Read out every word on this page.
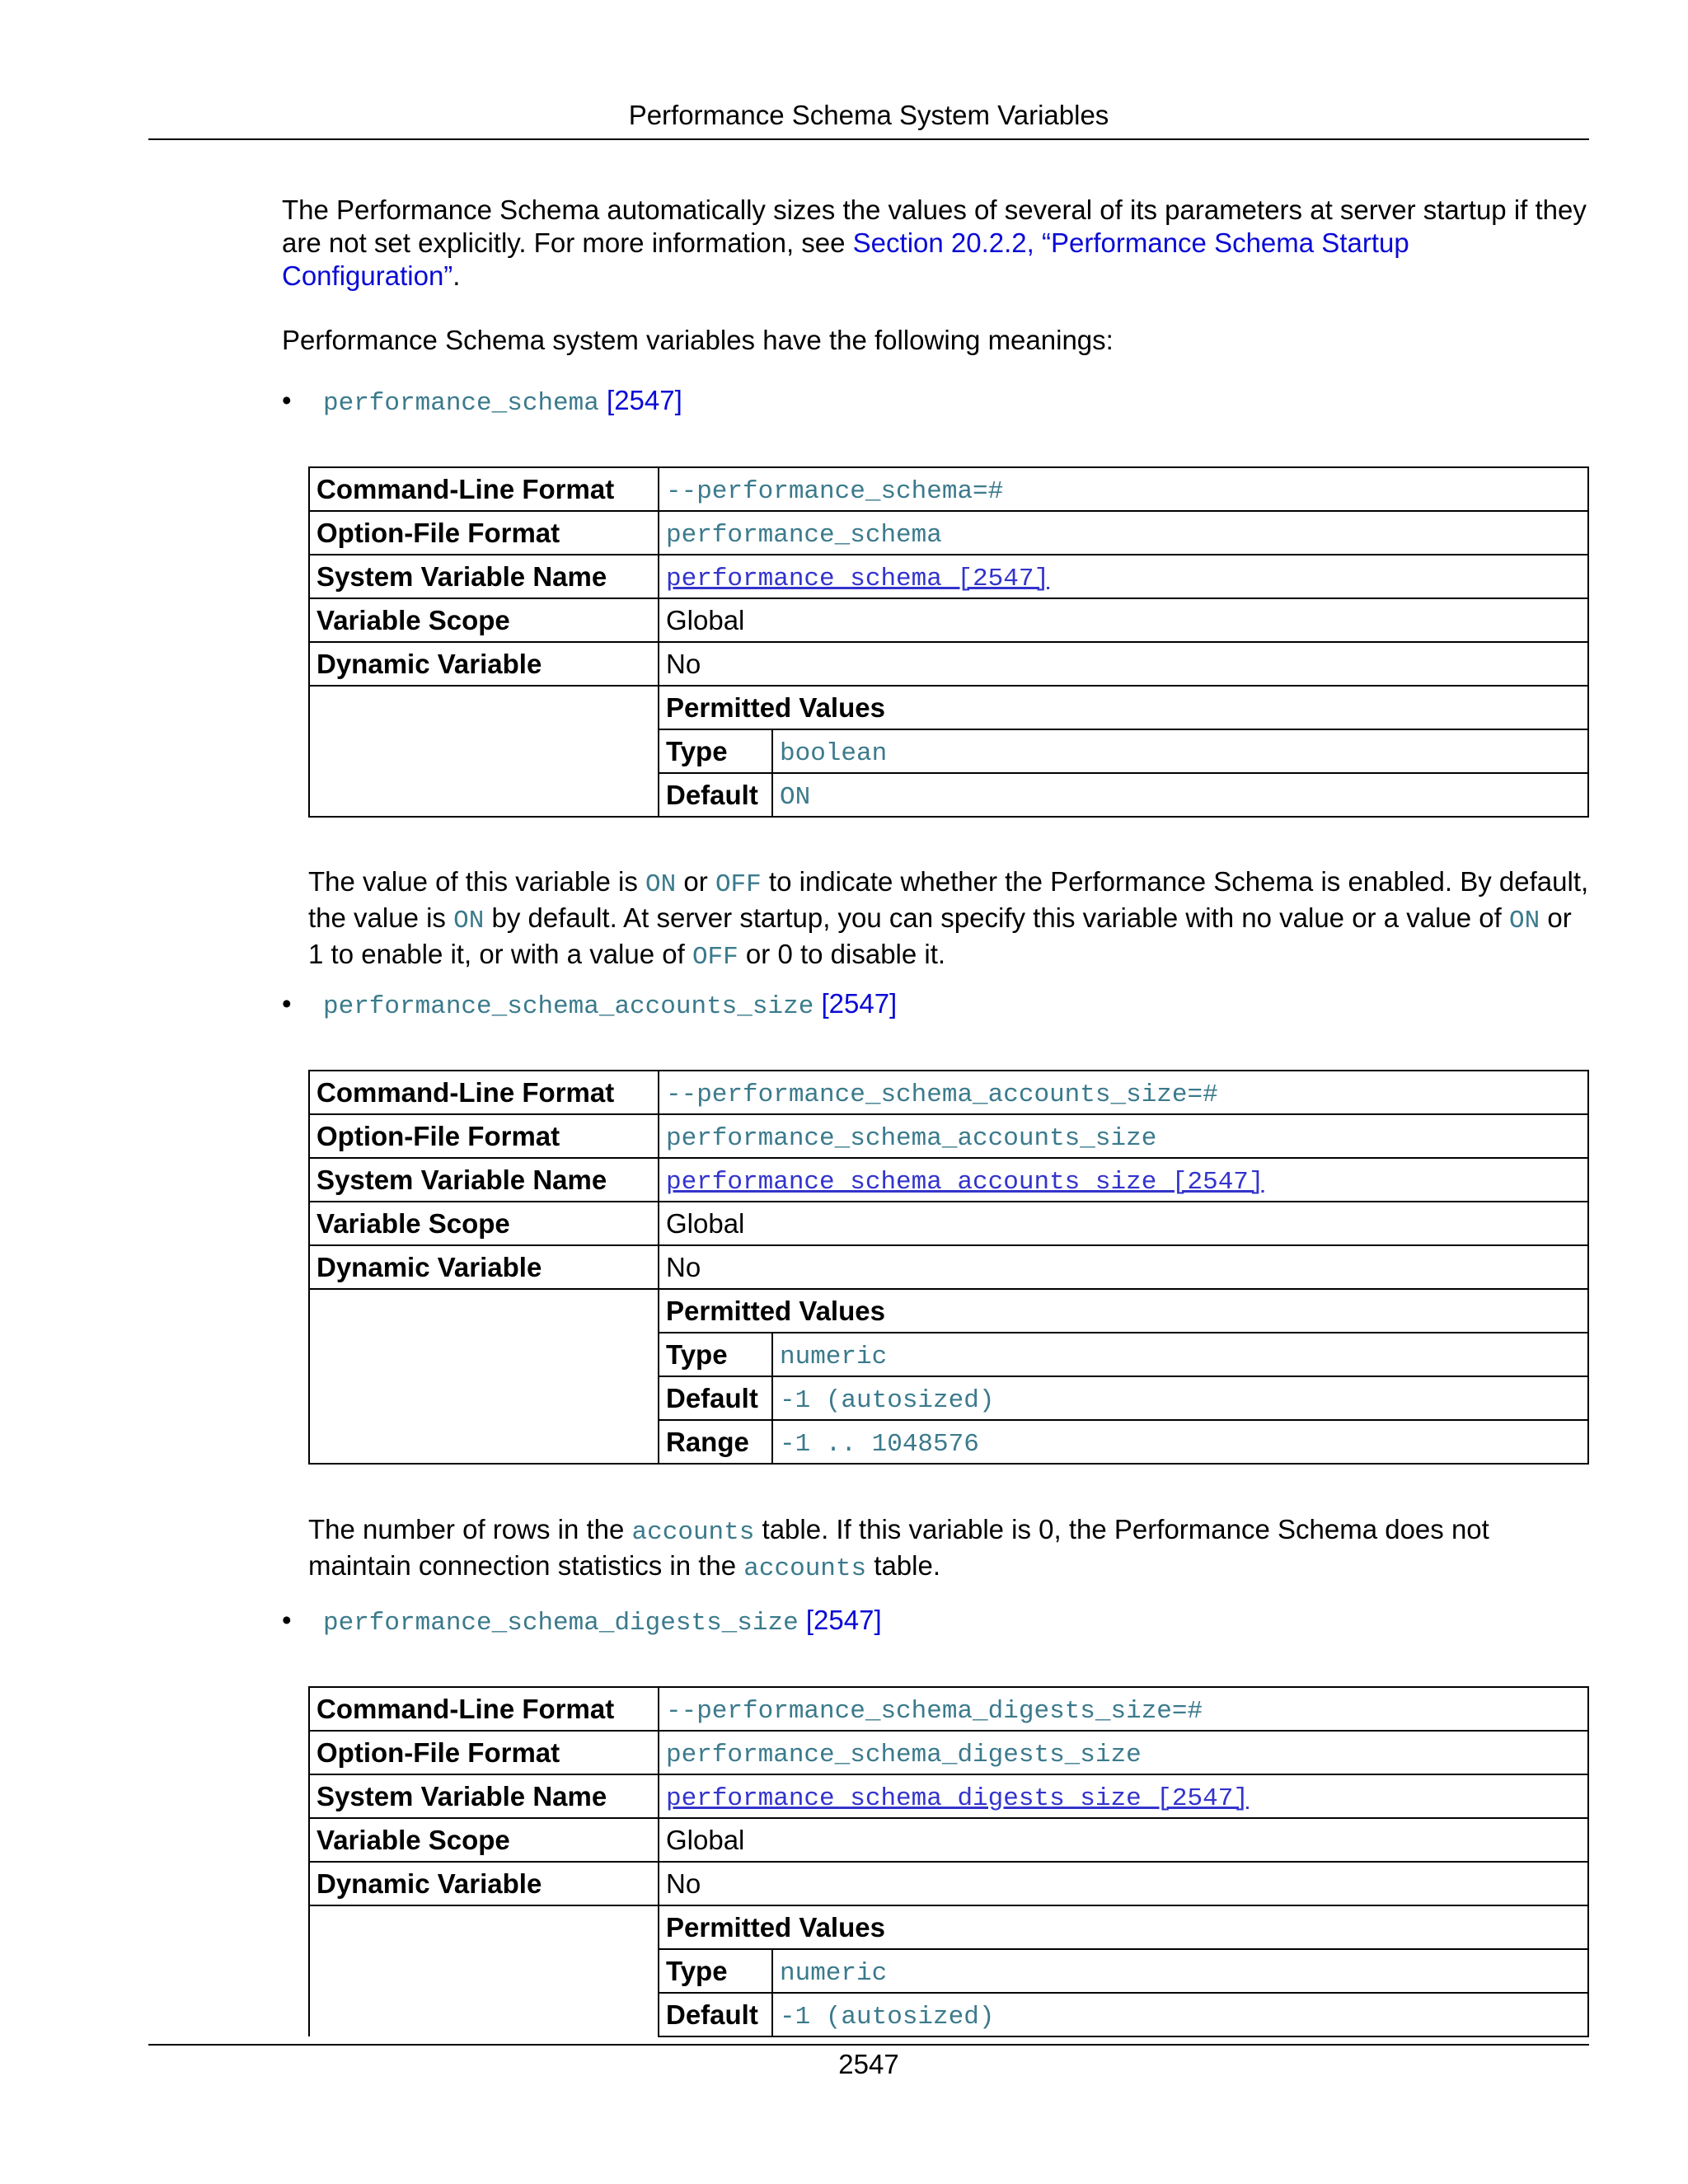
Performance Schema System Variables

The Performance Schema automatically sizes the values of several of its parameters at server startup if they are not set explicitly. For more information, see Section 20.2.2, “Performance Schema Startup Configuration”.

Performance Schema system variables have the following meanings:

• performance_schema [2547]
Command-Line Format	--performance_schema=#	
Option-File Format	performance_schema	
System Variable Name	performance_schema [2547]	
Variable Scope	Global	
Dynamic Variable	No	
	Permitted Values	
	Type	boolean
	Default	ON
The value of this variable is ON or OFF to indicate whether the Performance Schema is enabled. By default, the value is ON by default. At server startup, you can specify this variable with no value or a value of ON or 1 to enable it, or with a value of OFF or 0 to disable it.
• performance_schema_accounts_size [2547]
Command-Line Format	--performance_schema_accounts_size=#	
Option-File Format	performance_schema_accounts_size	
System Variable Name	performance_schema_accounts_size [2547]	
Variable Scope	Global	
Dynamic Variable	No	
	Permitted Values	
	Type	numeric
	Default	-1 (autosized)
	Range	-1 .. 1048576
The number of rows in the accounts table. If this variable is 0, the Performance Schema does not maintain connection statistics in the accounts table.
• performance_schema_digests_size [2547]
Command-Line Format	--performance_schema_digests_size=#	
Option-File Format	performance_schema_digests_size	
System Variable Name	performance_schema_digests_size [2547]	
Variable Scope	Global	
Dynamic Variable	No	
	Permitted Values	
	Type	numeric
	Default	-1 (autosized)
2547
